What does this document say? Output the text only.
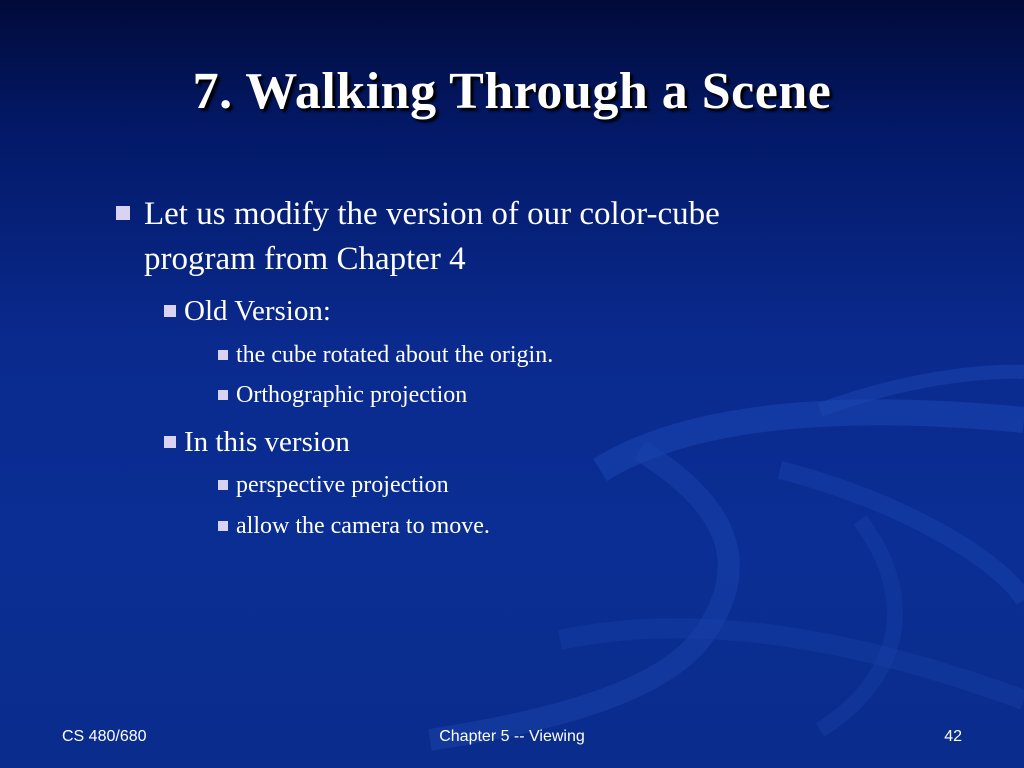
7. Walking Through a Scene
Let us modify the version of our color-cube program from Chapter 4
Old Version:
the cube rotated about the origin.
Orthographic projection
In this version
perspective projection
allow the camera to move.
CS 480/680	Chapter 5 -- Viewing	42
